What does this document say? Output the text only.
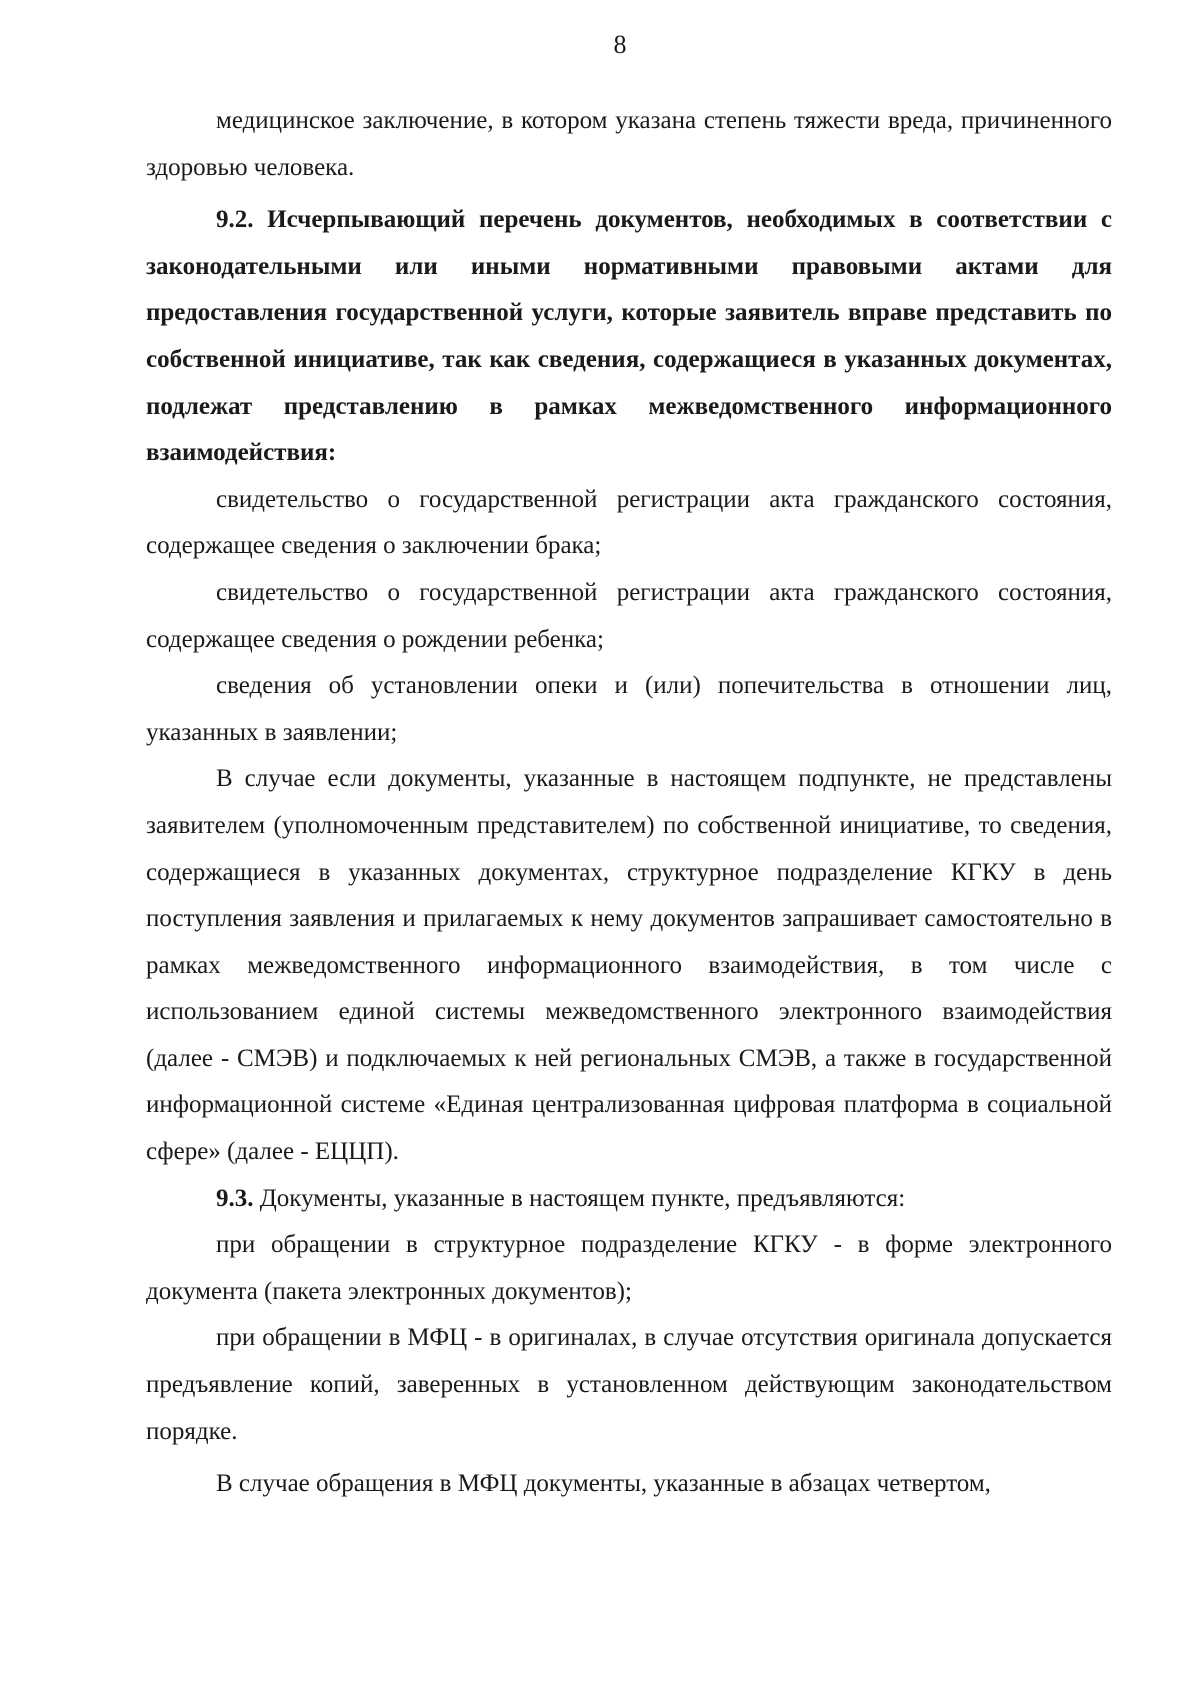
8

медицинское заключение, в котором указана степень тяжести вреда, причиненного здоровью человека.

9.2. Исчерпывающий перечень документов, необходимых в соответствии с законодательными или иными нормативными правовыми актами для предоставления государственной услуги, которые заявитель вправе представить по собственной инициативе, так как сведения, содержащиеся в указанных документах, подлежат представлению в рамках межведомственного информационного взаимодействия:

свидетельство о государственной регистрации акта гражданского состояния, содержащее сведения о заключении брака;

свидетельство о государственной регистрации акта гражданского состояния, содержащее сведения о рождении ребенка;

сведения об установлении опеки и (или) попечительства в отношении лиц, указанных в заявлении;

В случае если документы, указанные в настоящем подпункте, не представлены заявителем (уполномоченным представителем) по собственной инициативе, то сведения, содержащиеся в указанных документах, структурное подразделение КГКУ в день поступления заявления и прилагаемых к нему документов запрашивает самостоятельно в рамках межведомственного информационного взаимодействия, в том числе с использованием единой системы межведомственного электронного взаимодействия (далее - СМЭВ) и подключаемых к ней региональных СМЭВ, а также в государственной информационной системе «Единая централизованная цифровая платформа в социальной сфере» (далее - ЕЦЦП).

9.3. Документы, указанные в настоящем пункте, предъявляются:

при обращении в структурное подразделение КГКУ - в форме электронного документа (пакета электронных документов);

при обращении в МФЦ - в оригиналах, в случае отсутствия оригинала допускается предъявление копий, заверенных в установленном действующим законодательством порядке.

В случае обращения в МФЦ документы, указанные в абзацах четвертом,
